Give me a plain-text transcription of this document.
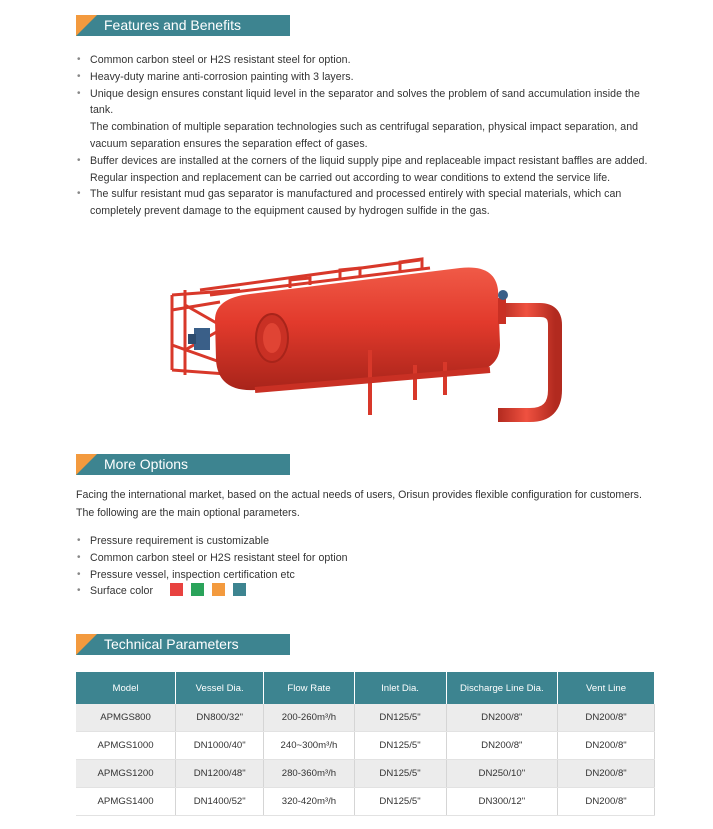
Features and Benefits
• Common carbon steel or H2S resistant steel for option.
• Heavy-duty marine anti-corrosion painting with 3 layers.
• Unique design ensures constant liquid level in the separator and solves the problem of sand accumulation inside the tank.
The combination of multiple separation technologies such as centrifugal separation, physical impact separation, and vacuum separation ensures the separation effect of gases.
• Buffer devices are installed at the corners of the liquid supply pipe and replaceable impact resistant baffles are added. Regular inspection and replacement can be carried out according to wear conditions to extend the service life.
• The sulfur resistant mud gas separator is manufactured and processed entirely with special materials, which can completely prevent damage to the equipment caused by hydrogen sulfide in the gas.
More Options
Facing the international market, based on the actual needs of users, Orisun provides flexible configuration for customers. The following are the main optional parameters.
• Pressure requirement is customizable
• Common carbon steel or H2S resistant steel for option
• Pressure vessel, inspection certification etc
• Surface color
Technical Parameters
Model	Vessel Dia.	Flow Rate	Inlet Dia.	Discharge Line Dia.	Vent Line
APMGS800	DN800/32"	200-260m³/h	DN125/5"	DN200/8"	DN200/8"
APMGS1000	DN1000/40"	240~300m³/h	DN125/5"	DN200/8"	DN200/8"
APMGS1200	DN1200/48"	280-360m³/h	DN125/5"	DN250/10"	DN200/8"
APMGS1400	DN1400/52"	320-420m³/h	DN125/5"	DN300/12"	DN200/8"
